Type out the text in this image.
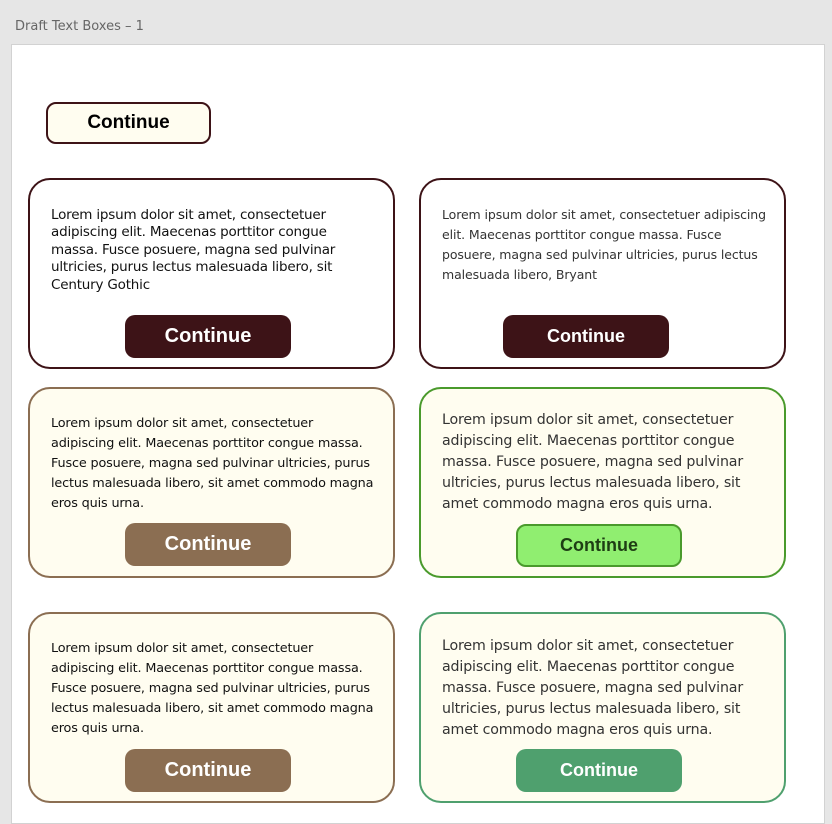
Draft Text Boxes – 1
Continue

Lorem ipsum dolor sit amet, consectetuer adipiscing elit. Maecenas porttitor congue massa. Fusce posuere, magna sed pulvinar ultricies, purus lectus malesuada libero, sit Century Gothic

Continue

Lorem ipsum dolor sit amet, consectetuer adipiscing elit. Maecenas porttitor congue massa. Fusce posuere, magna sed pulvinar ultricies, purus lectus malesuada libero, Bryant

Continue

Lorem ipsum dolor sit amet, consectetuer adipiscing elit. Maecenas porttitor congue massa. Fusce posuere, magna sed pulvinar ultricies, purus lectus malesuada libero, sit amet commodo magna eros quis urna.

Continue

Lorem ipsum dolor sit amet, consectetuer adipiscing elit. Maecenas porttitor congue massa. Fusce posuere, magna sed pulvinar ultricies, purus lectus malesuada libero, sit amet commodo magna eros quis urna.

Continue

Lorem ipsum dolor sit amet, consectetuer adipiscing elit. Maecenas porttitor congue massa. Fusce posuere, magna sed pulvinar ultricies, purus lectus malesuada libero, sit amet commodo magna eros quis urna.

Continue

Lorem ipsum dolor sit amet, consectetuer adipiscing elit. Maecenas porttitor congue massa. Fusce posuere, magna sed pulvinar ultricies, purus lectus malesuada libero, sit amet commodo magna eros quis urna.

Continue
